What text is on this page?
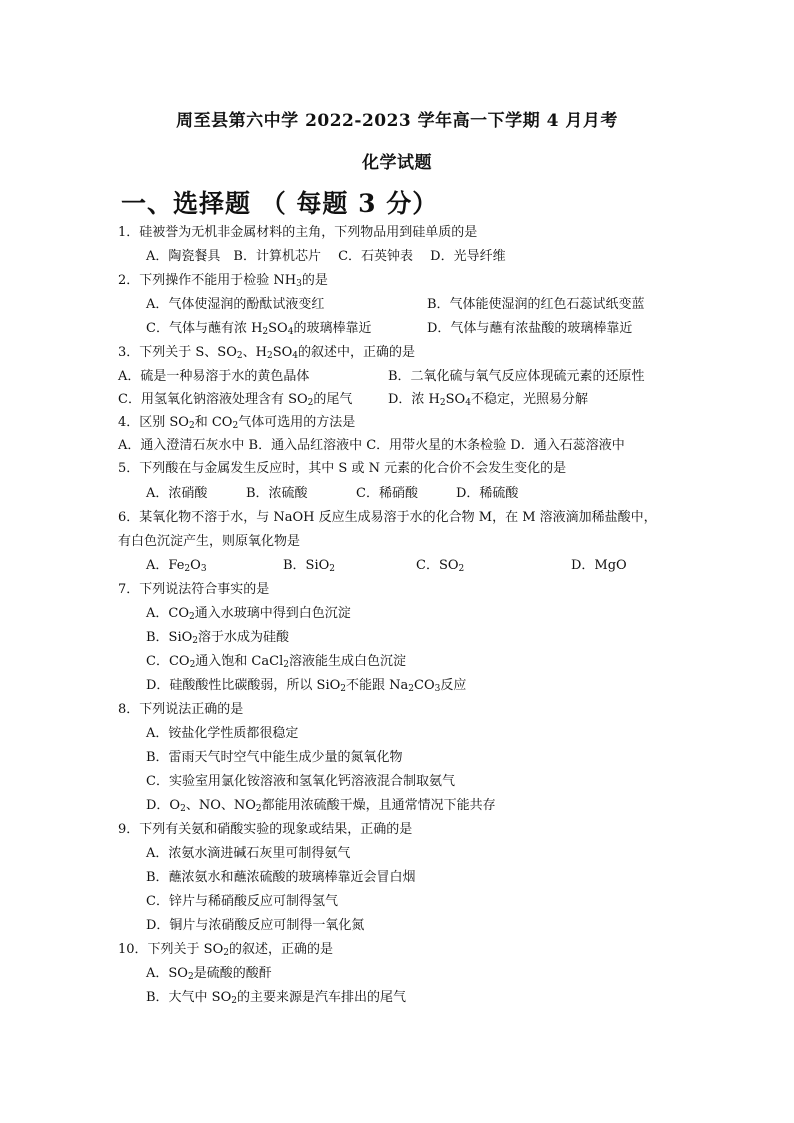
周至县第六中学 2022-2023 学年高一下学期 4 月月考
化学试题
一、选择题 （ 每题 3 分）
1．硅被誉为无机非金属材料的主角，下列物品用到硅单质的是
A．陶瓷餐具　B．计算机芯片　 C．石英钟表　 D．光导纤维
2．下列操作不能用于检验 $NH_3$的是
A．气体使湿润的酚酞试液变红	B．气体能使湿润的红色石蕊试纸变蓝
C．气体与蘸有浓 $H_2SO_4$的玻璃棒靠近	D．气体与蘸有浓盐酸的玻璃棒靠近
3．下列关于 S、$SO_2$、$H_2SO_4$的叙述中，正确的是
A．硫是一种易溶于水的黄色晶体	B．二氧化硫与氧气反应体现硫元素的还原性
C．用氢氧化钠溶液处理含有 $SO_2$的尾气	D．浓 $H_2SO_4$不稳定，光照易分解
4．区别 $SO_2$和 $CO_2$气体可选用的方法是
A．通入澄清石灰水中 B．通入品红溶液中 C．用带火星的木条检验 D．通入石蕊溶液中
5．下列酸在与金属发生反应时，其中 S 或 N 元素的化合价不会发生变化的是
A．浓硝酸	B．浓硫酸	C．稀硝酸	D．稀硫酸
6．某氧化物不溶于水，与 NaOH 反应生成易溶于水的化合物 M，在 M 溶液滴加稀盐酸中，
有白色沉淀产生，则原氧化物是
A．$Fe_2O_3$	B．SiO$_2$	C．$SO_2$	D．MgO
7．下列说法符合事实的是
A．$CO_2$通入水玻璃中得到白色沉淀
B．SiO$_2$溶于水成为硅酸
C．$CO_2$通入饱和 CaCl$_2$溶液能生成白色沉淀
D．硅酸酸性比碳酸弱，所以 SiO$_2$不能跟 $Na_2CO_3$反应
8．下列说法正确的是
A．铵盐化学性质都很稳定
B．雷雨天气时空气中能生成少量的氮氧化物
C．实验室用氯化铵溶液和氢氧化钙溶液混合制取氨气
D．$O_2$、NO、$NO_2$都能用浓硫酸干燥，且通常情况下能共存
9．下列有关氨和硝酸实验的现象或结果，正确的是
A．浓氨水滴进碱石灰里可制得氨气
B．蘸浓氨水和蘸浓硫酸的玻璃棒靠近会冒白烟
C．锌片与稀硝酸反应可制得氢气
D．铜片与浓硝酸反应可制得一氧化氮
10．下列关于 $SO_2$的叙述，正确的是
A．$SO_2$是硫酸的酸酐
B．大气中 $SO_2$的主要来源是汽车排出的尾气
